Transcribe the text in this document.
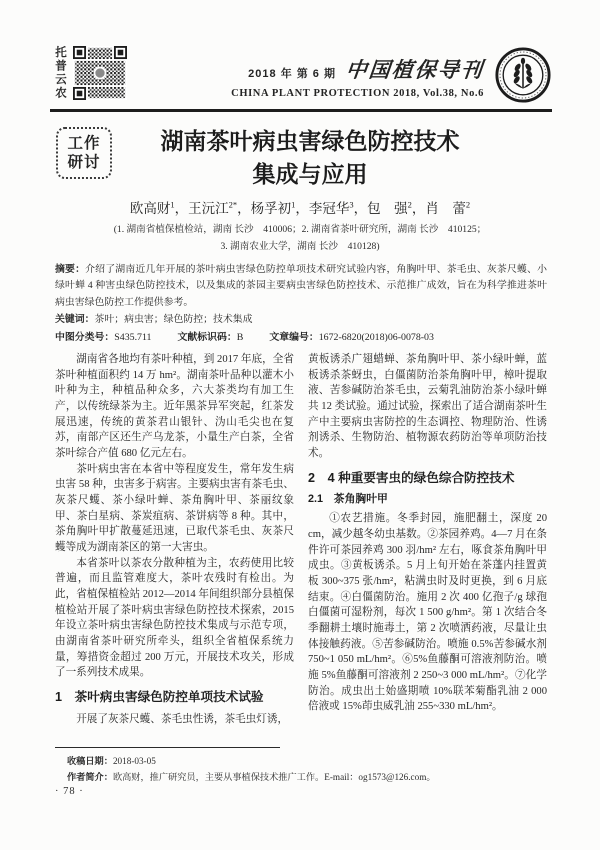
托普云农	2018 年 第 6 期 中国植保导刊
CHINA PLANT PROTECTION 2018, Vol.38, No.6
工作
研讨
湖南茶叶病虫害绿色防控技术
集成与应用
欧高财$^1$，王沅江$^{2*}$，杨孚初$^1$，李冠华$^3$，包　强$^2$，肖　蕾$^2$
(1. 湖南省植保植检站，湖南 长沙　410006；2. 湖南省茶叶研究所，湖南 长沙　410125；
3. 湖南农业大学，湖南 长沙　410128)
摘要：介绍了湖南近几年开展的茶叶病虫害绿色防控单项技术研究试验内容，角胸叶甲、茶毛虫、灰茶尺蠖、小绿叶蝉 4 种害虫绿色防控技术，以及集成的茶园主要病虫害绿色防控技术、示范推广成效，旨在为科学推进茶叶病虫害绿色防控工作提供参考。
关键词：茶叶；病虫害；绿色防控；技术集成
中图分类号：S435.711	文献标识码：B	文章编号：1672-6820(2018)06-0078-03

湖南省各地均有茶叶种植，到 2017 年底，全省茶叶种植面积约 14 万 hm²。湖南茶叶品种以灌木小叶种为主，种植品种众多，六大茶类均有加工生产，以传统绿茶为主。近年黑茶异军突起，红茶发展迅速，传统的黄茶君山银针、沩山毛尖也在复苏，南部产区还生产乌龙茶，小量生产白茶，全省茶叶综合产值 680 亿元左右。

茶叶病虫害在本省中等程度发生，常年发生病虫害 58 种，虫害多于病害。主要病虫害有茶毛虫、灰茶尺蠖、茶小绿叶蝉、茶角胸叶甲、茶丽纹象甲、茶白星病、茶炭疽病、茶饼病等 8 种。其中，茶角胸叶甲扩散蔓延迅速，已取代茶毛虫、灰茶尺蠖等成为湖南茶区的第一大害虫。

本省茶叶以茶农分散种植为主，农药使用比较普遍，而且监管难度大，茶叶农残时有检出。为此，省植保植检站 2012—2014 年间组织部分县植保植检站开展了茶叶病虫害绿色防控技术探索，2015 年设立茶叶病虫害绿色防控技术集成与示范专项，由湖南省茶叶研究所牵头，组织全省植保系统力量，筹措资金超过 200 万元，开展技术攻关，形成了一系列技术成果。

1　茶叶病虫害绿色防控单项技术试验

开展了灰茶尺蠖、茶毛虫性诱，茶毛虫灯诱，

黄板诱杀广翅蜡蝉、茶角胸叶甲、茶小绿叶蝉，蓝板诱杀茶蚜虫，白僵菌防治茶角胸叶甲，樟叶提取液、苦参碱防治茶毛虫，云菊乳油防治茶小绿叶蝉共 12 类试验。通过试验，探索出了适合湖南茶叶生产中主要病虫害防控的生态调控、物理防治、性诱剂诱杀、生物防治、植物源农药防治等单项防治技术。

2　4 种重要害虫的绿色综合防控技术
2.1　茶角胸叶甲

①农艺措施。冬季封园，施肥翻土，深度 20 cm，减少越冬幼虫基数。②茶园养鸡。4—7 月在条件许可茶园养鸡 300 羽/hm² 左右，啄食茶角胸叶甲成虫。③黄板诱杀。5 月上旬开始在茶蓬内挂置黄板 300~375 张/hm²，粘满虫时及时更换，到 6 月底结束。④白僵菌防治。施用 2 次 400 亿孢子/g 球孢白僵菌可湿粉剂，每次 1 500 g/hm²。第 1 次结合冬季翻耕土壤时施毒土，第 2 次喷洒药液，尽量让虫体接触药液。⑤苦参碱防治。喷施 0.5%苦参碱水剂 750~1 050 mL/hm²。⑥5%鱼藤酮可溶液剂防治。喷施 5%鱼藤酮可溶液剂 2 250~3 000 mL/hm²。⑦化学防治。成虫出土始盛期喷 10%联苯菊酯乳油 2 000 倍液或 15%茚虫威乳油 255~330 mL/hm²。

收稿日期：2018-03-05
作者简介：欧高财，推广研究员，主要从事植保技术推广工作。E-mail：og1573@126.com。
· 78 ·
